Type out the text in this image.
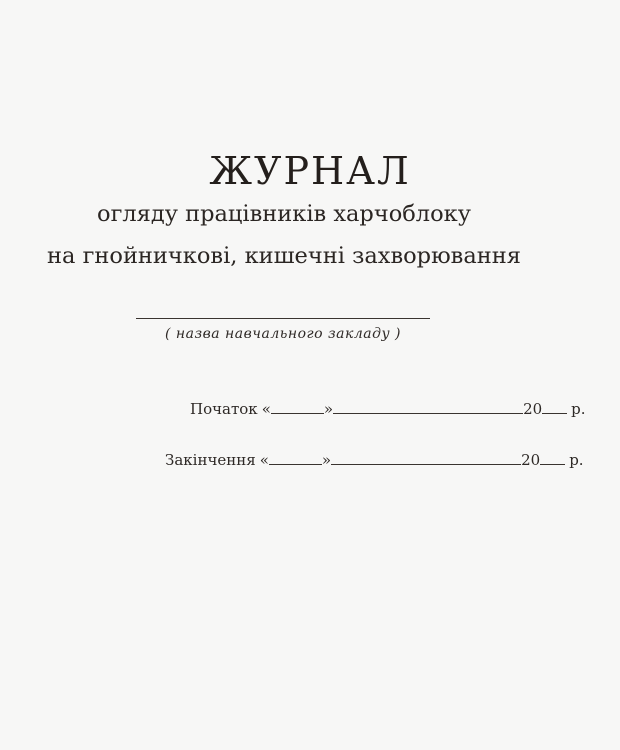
ЖУРНАЛ
огляду працівників харчоблоку
на гнойничкові, кишечні захворювання
( назва навчального закладу )
Початок «	»	20 р.
Закінчення «	»	20 р.
